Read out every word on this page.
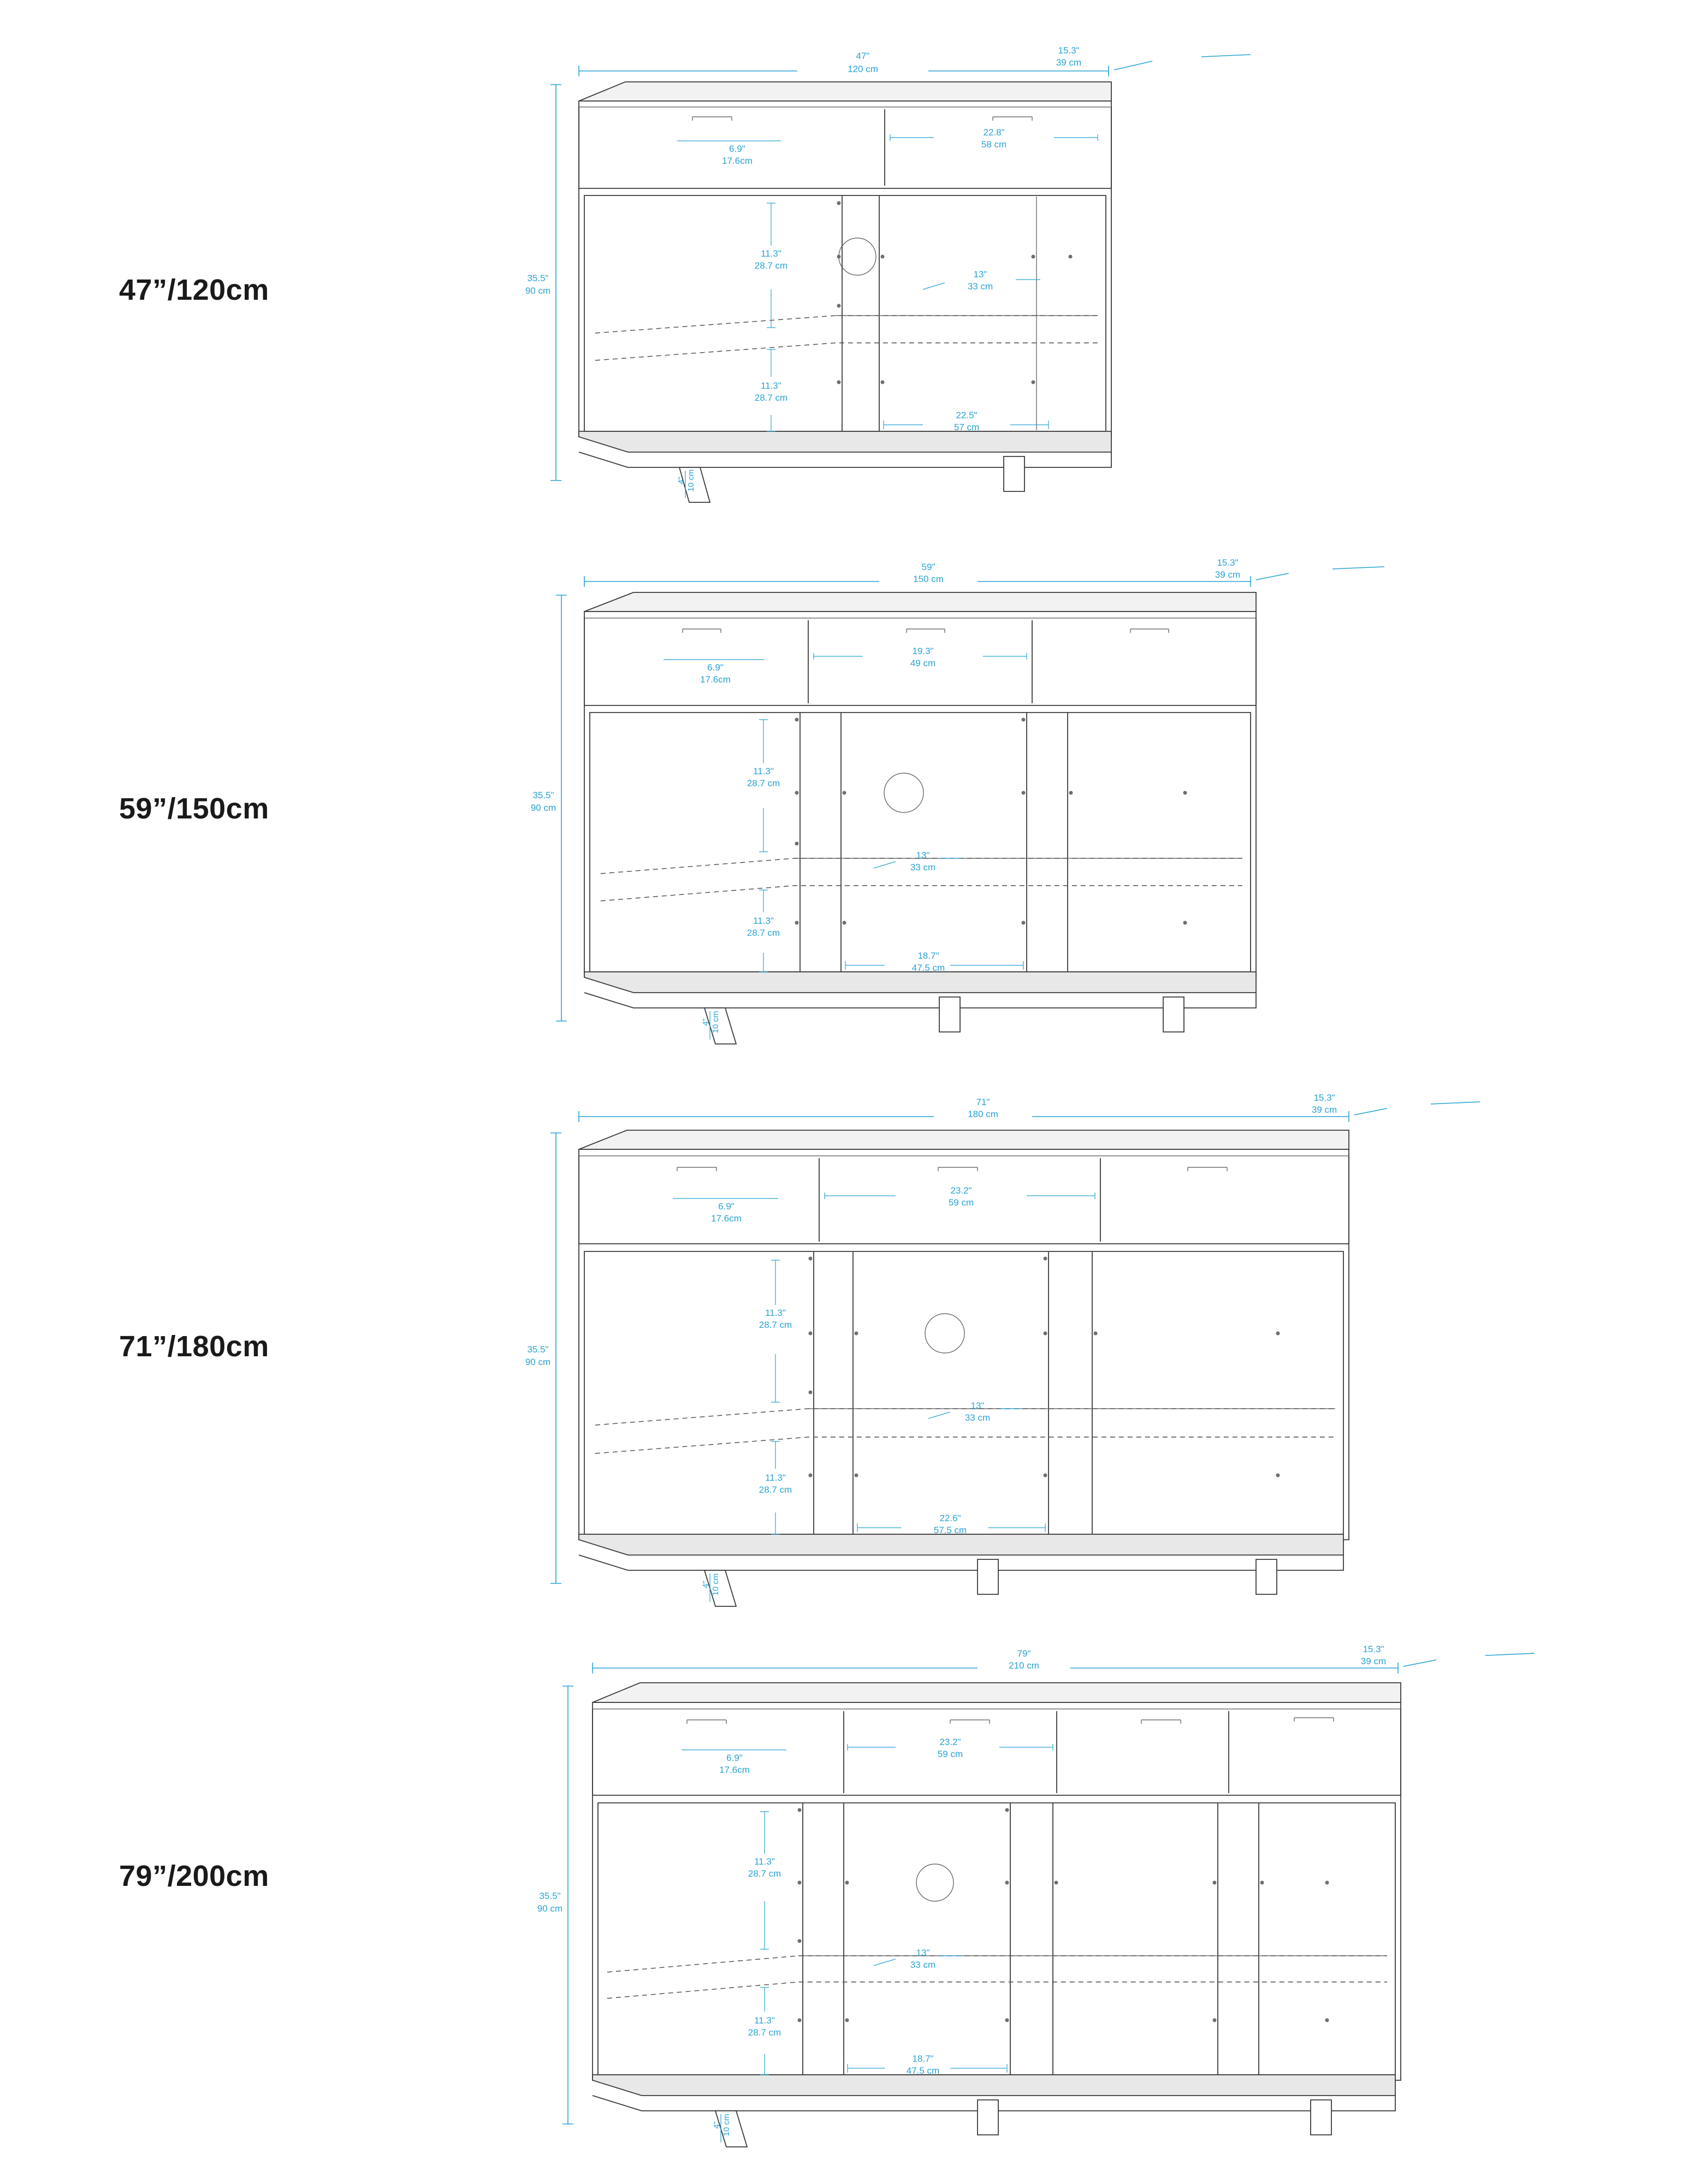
47”/120cm
47"
120 cm
15.3"
39 cm
35.5"
90 cm
6.9"
17.6cm
22.8"
58 cm
11.3"
28.7 cm
11.3"
28.7 cm
13"
33 cm
22.5"
57 cm
4" 10 cm
59”/150cm
59"
150 cm
15.3"
39 cm
35.5"
90 cm
6.9"
17.6cm
19.3"
49 cm
11.3"
28.7 cm
11.3"
28.7 cm
13"
33 cm
18.7"
47.5 cm
4" 10 cm
71”/180cm
71"
180 cm
15.3"
39 cm
35.5"
90 cm
6.9"
17.6cm
23.2"
59 cm
11.3"
28.7 cm
11.3"
28.7 cm
13"
33 cm
22.6"
57.5 cm
4" 10 cm
79”/200cm
79"
210 cm
15.3"
39 cm
35.5"
90 cm
6.9"
17.6cm
23.2"
59 cm
11.3"
28.7 cm
11.3"
28.7 cm
13"
33 cm
18.7"
47.5 cm
4" 10 cm
